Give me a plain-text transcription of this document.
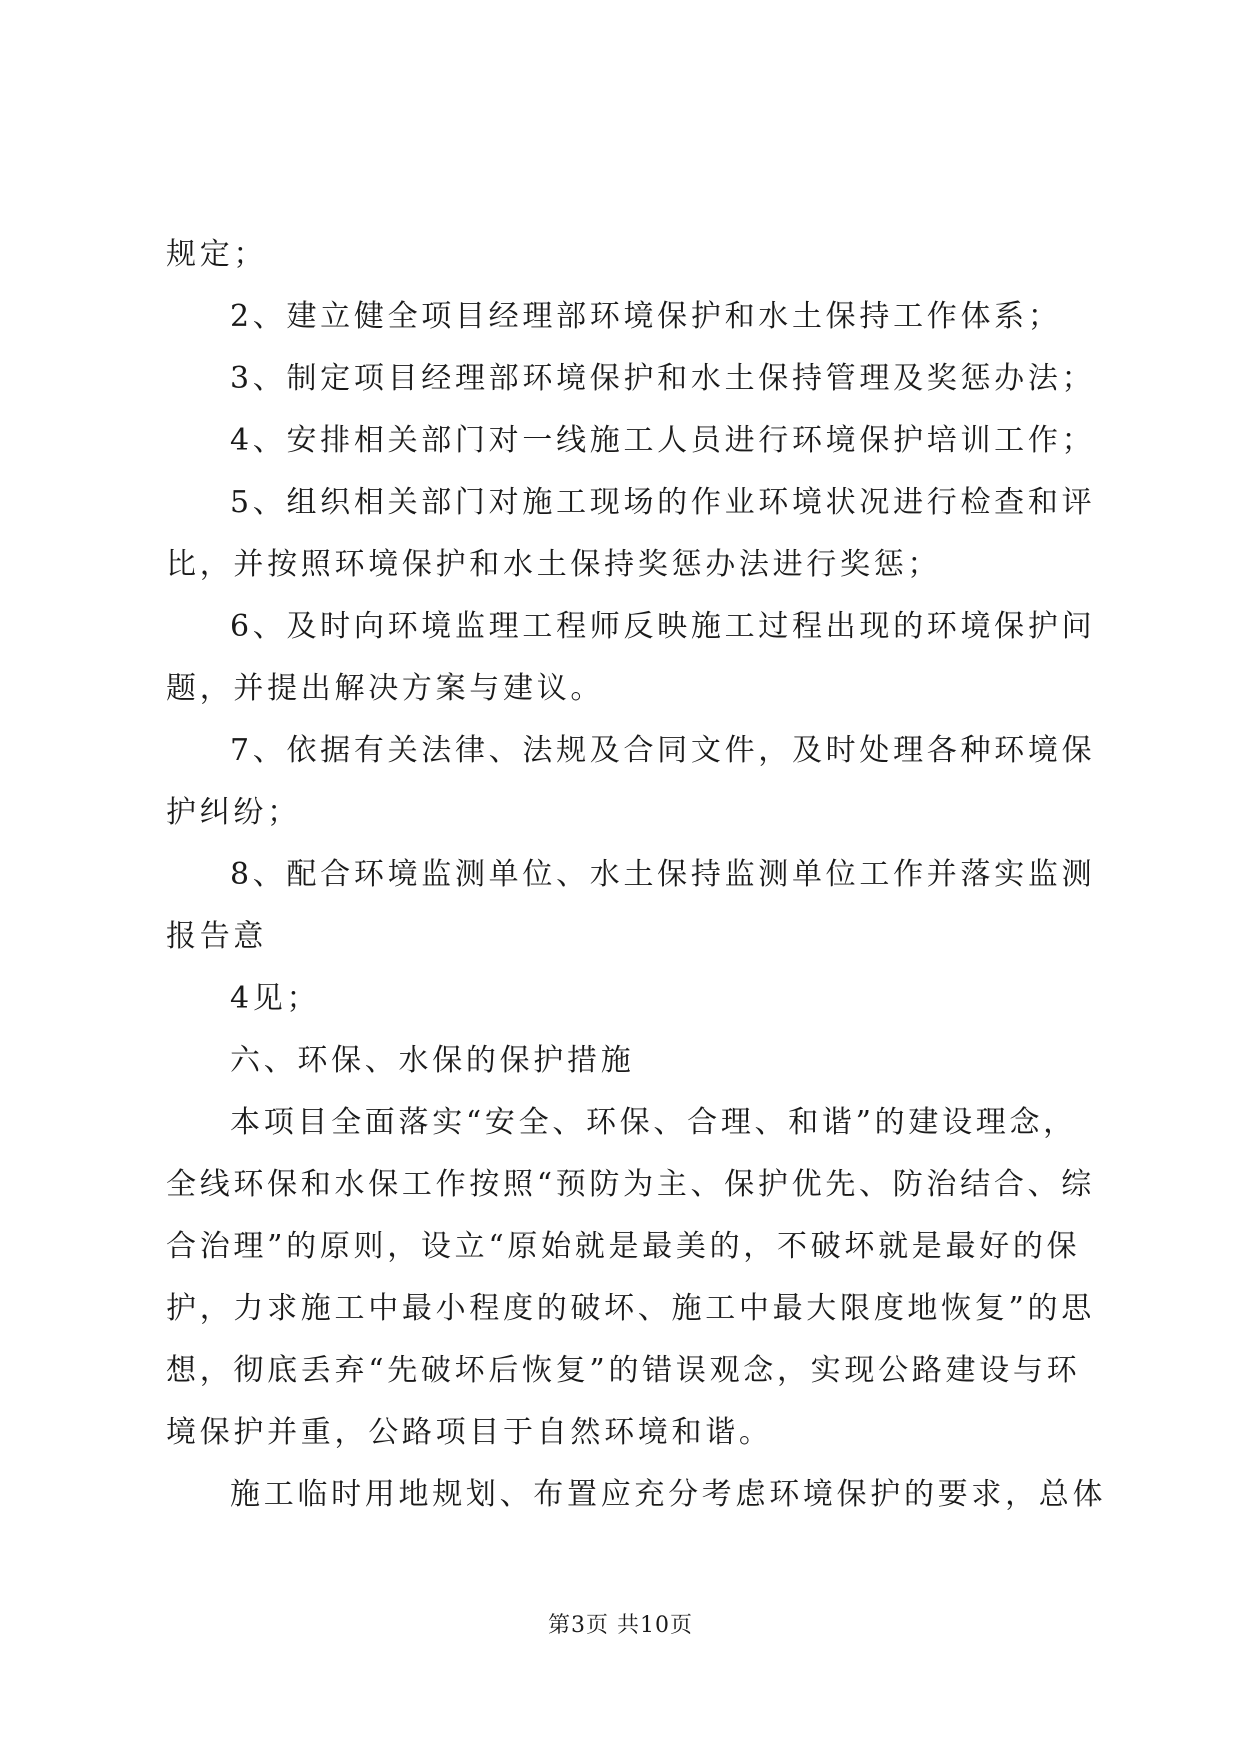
规定；
2、建立健全项目经理部环境保护和水土保持工作体系；
3、制定项目经理部环境保护和水土保持管理及奖惩办法；
4、安排相关部门对一线施工人员进行环境保护培训工作；
5、组织相关部门对施工现场的作业环境状况进行检查和评
比，并按照环境保护和水土保持奖惩办法进行奖惩；
6、及时向环境监理工程师反映施工过程出现的环境保护问
题，并提出解决方案与建议。
7、依据有关法律、法规及合同文件，及时处理各种环境保
护纠纷；
8、配合环境监测单位、水土保持监测单位工作并落实监测
报告意
4见；
六、环保、水保的保护措施
本项目全面落实“安全、环保、合理、和谐”的建设理念，
全线环保和水保工作按照“预防为主、保护优先、防治结合、综
合治理”的原则，设立“原始就是最美的，不破坏就是最好的保
护，力求施工中最小程度的破坏、施工中最大限度地恢复”的思
想，彻底丢弃“先破坏后恢复”的错误观念，实现公路建设与环
境保护并重，公路项目于自然环境和谐。
施工临时用地规划、布置应充分考虑环境保护的要求，总体
第3页 共10页
